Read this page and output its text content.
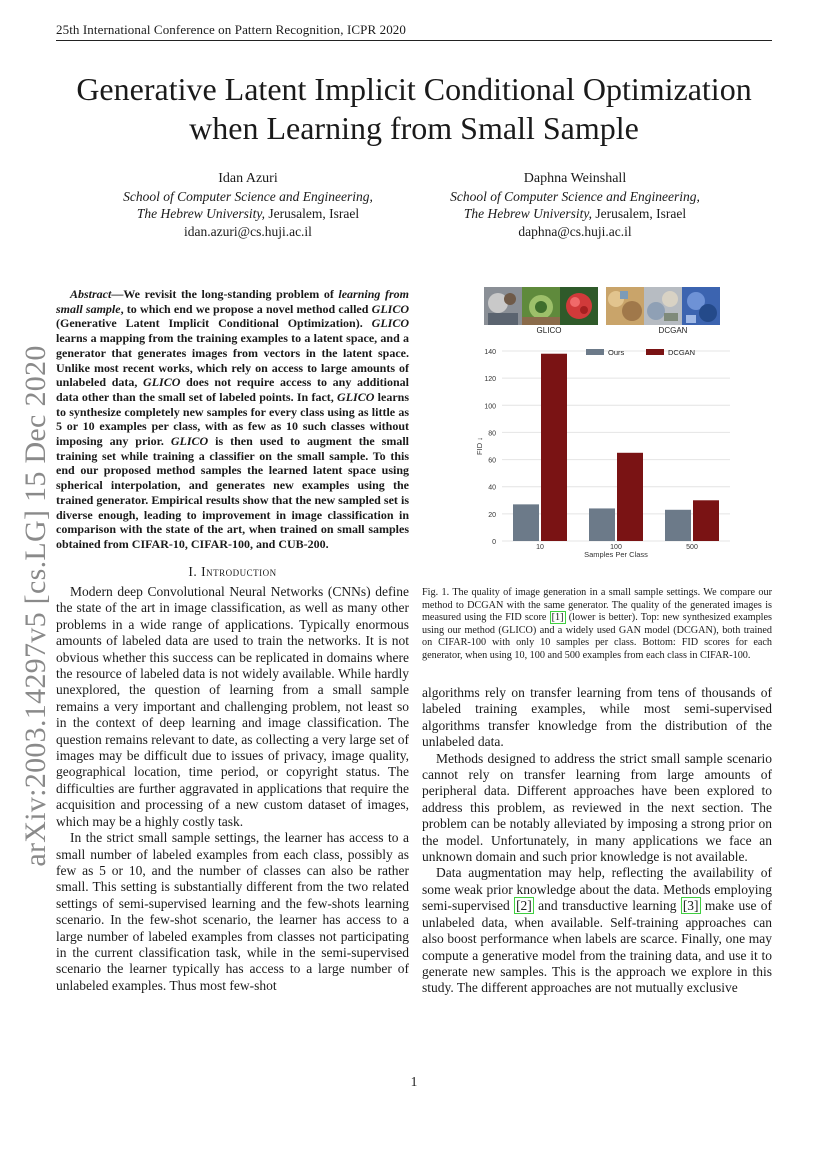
25th International Conference on Pattern Recognition, ICPR 2020
Generative Latent Implicit Conditional Optimization
when Learning from Small Sample
Idan Azuri
School of Computer Science and Engineering,
The Hebrew University, Jerusalem, Israel
idan.azuri@cs.huji.ac.il
Daphna Weinshall
School of Computer Science and Engineering,
The Hebrew University, Jerusalem, Israel
daphna@cs.huji.ac.il
arXiv:2003.14297v5 [cs.LG] 15 Dec 2020
Abstract—We revisit the long-standing problem of learning from small sample, to which end we propose a novel method called GLICO (Generative Latent Implicit Conditional Optimization). GLICO learns a mapping from the training examples to a latent space, and a generator that generates images from vectors in the latent space. Unlike most recent works, which rely on access to large amounts of unlabeled data, GLICO does not require access to any additional data other than the small set of labeled points. In fact, GLICO learns to synthesize completely new samples for every class using as little as 5 or 10 examples per class, with as few as 10 such classes without imposing any prior. GLICO is then used to augment the small training set while training a classifier on the small sample. To this end our proposed method samples the learned latent space using spherical interpolation, and generates new examples using the trained generator. Empirical results show that the new sampled set is diverse enough, leading to improvement in image classification in comparison with the state of the art, when trained on small samples obtained from CIFAR-10, CIFAR-100, and CUB-200.
I. Introduction

Modern deep Convolutional Neural Networks (CNNs) define the state of the art in image classification, as well as many other problems in a wide range of applications. Typically enormous amounts of labeled data are used to train the networks. It is not obvious whether this success can be replicated in domains where the resource of labeled data is not widely available. While hardly unexplored, the question of learning from a small sample remains a very important and challenging problem, not least so in the context of deep learning and image classification. The question remains relevant to date, as collecting a very large set of images may be difficult due to issues of privacy, image quality, geographical location, time period, or copyright status. The difficulties are further aggravated in applications that require the acquisition and processing of a new custom dataset of images, which may be a highly costly task.

In the strict small sample settings, the learner has access to a small number of labeled examples from each class, possibly as few as 5 or 10, and the number of classes can also be rather small. This setting is substantially different from the two related settings of semi-supervised learning and the few-shots learning scenario. In the few-shot scenario, the learner has access to a large number of labeled examples from classes not participating in the current classification task, while in the semi-supervised scenario the learner typically has access to a large number of unlabeled examples. Thus most few-shot

GLICO	DCGAN
0
20
40
60
80
100
120
140
FID ↓
10	100	500
Samples Per Class
Ours	DCGAN
Fig. 1. The quality of image generation in a small sample settings. We compare our method to DCGAN with the same generator. The quality of the generated images is measured using the FID score [1] (lower is better). Top: new synthesized examples using our method (GLICO) and a widely used GAN model (DCGAN), both trained on CIFAR-100 with only 10 samples per class. Bottom: FID scores for each generator, when using 10, 100 and 500 examples from each class in CIFAR-100.

algorithms rely on transfer learning from tens of thousands of labeled training examples, while most semi-supervised algorithms transfer knowledge from the distribution of the unlabeled data.

Methods designed to address the strict small sample scenario cannot rely on transfer learning from large amounts of peripheral data. Different approaches have been explored to address this problem, as reviewed in the next section. The problem can be notably alleviated by imposing a strong prior on the model. Unfortunately, in many applications we face an unknown domain and such prior knowledge is not available.

Data augmentation may help, reflecting the availability of some weak prior knowledge about the data. Methods employing semi-supervised [2] and transductive learning [3] make use of unlabeled data, when available. Self-training approaches can also boost performance when labels are scarce. Finally, one may compute a generative model from the training data, and use it to generate new samples. This is the approach we explore in this study. The different approaches are not mutually exclusive

1
